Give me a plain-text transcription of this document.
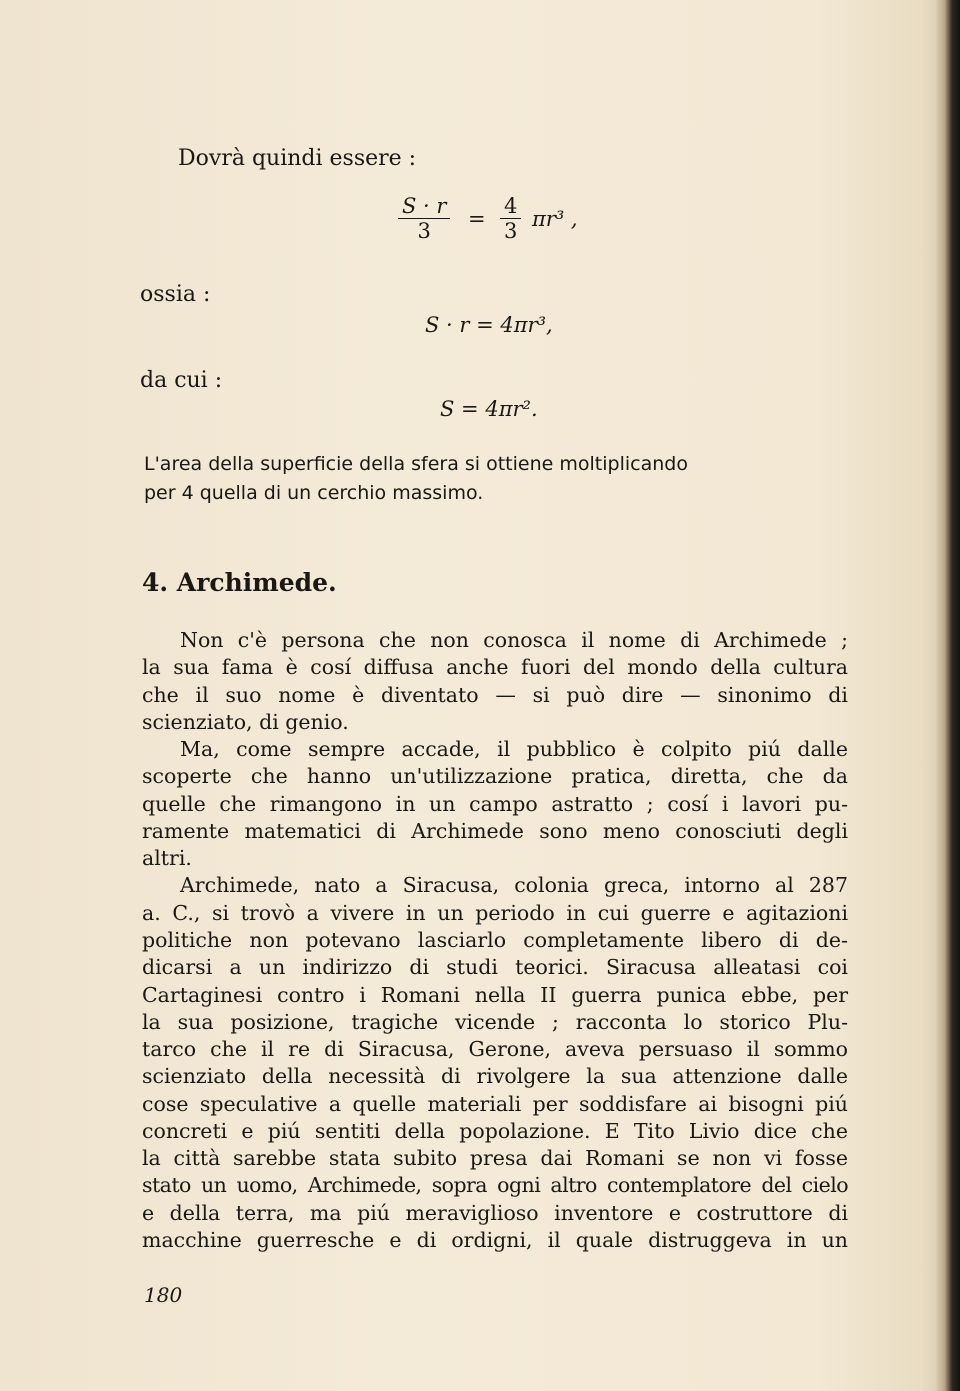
Dovrà quindi essere :
$\frac{S \cdot r}{3} = \frac{4}{3} \pi r^3$ ,
ossia :
S · r = 4πr³,
da cui :
S = 4πr².
L'area della superficie della sfera si ottiene moltiplicando
per 4 quella di un cerchio massimo.
4. Archimede.
Non c'è persona che non conosca il nome di Archimede ;
la sua fama è cosí diffusa anche fuori del mondo della cultura
che il suo nome è diventato — si può dire — sinonimo di
scienziato, di genio.
Ma, come sempre accade, il pubblico è colpito piú dalle
scoperte che hanno un'utilizzazione pratica, diretta, che da
quelle che rimangono in un campo astratto ; cosí i lavori pu-
ramente matematici di Archimede sono meno conosciuti degli
altri.
Archimede, nato a Siracusa, colonia greca, intorno al 287
a. C., si trovò a vivere in un periodo in cui guerre e agitazioni
politiche non potevano lasciarlo completamente libero di de-
dicarsi a un indirizzo di studi teorici. Siracusa alleatasi coi
Cartaginesi contro i Romani nella II guerra punica ebbe, per
la sua posizione, tragiche vicende ; racconta lo storico Plu-
tarco che il re di Siracusa, Gerone, aveva persuaso il sommo
scienziato della necessità di rivolgere la sua attenzione dalle
cose speculative a quelle materiali per soddisfare ai bisogni piú
concreti e piú sentiti della popolazione. E Tito Livio dice che
la città sarebbe stata subito presa dai Romani se non vi fosse
stato un uomo, Archimede, sopra ogni altro contemplatore del cielo
e della terra, ma piú meraviglioso inventore e costruttore di
macchine guerresche e di ordigni, il quale distruggeva in un
180
